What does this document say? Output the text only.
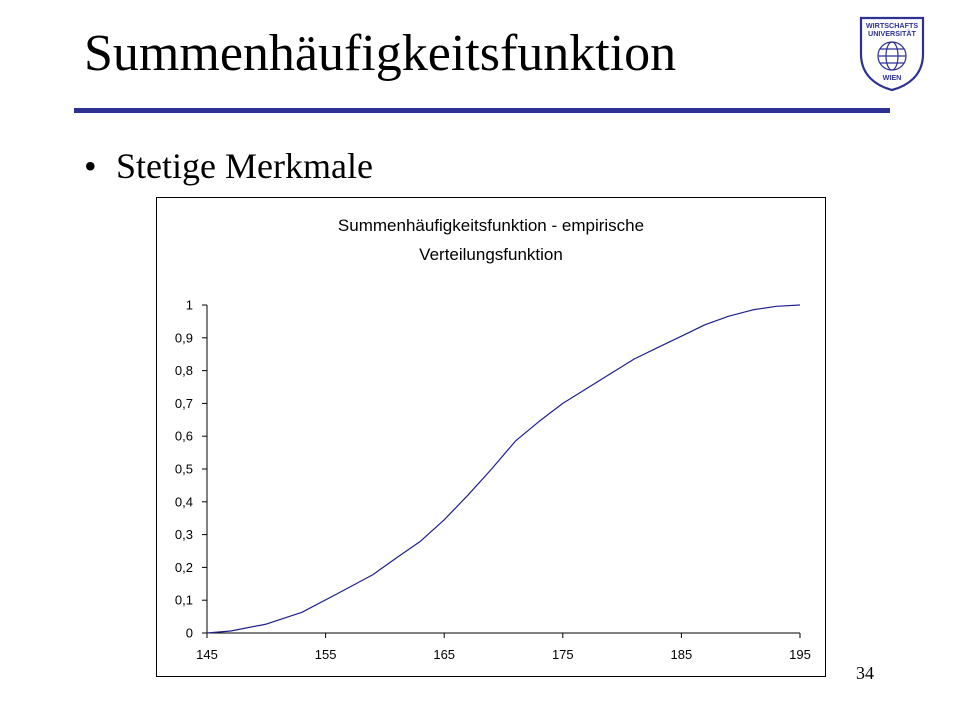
Summenhäufigkeitsfunktion	WIRTSCHAFTS
UNIVERSITÄT
WIEN
• Stetige Merkmale
Summenhäufigkeitsfunktion - empirische
Verteilungsfunktion
0
0,1
0,2
0,3
0,4
0,5
0,6
0,7
0,8
0,9
1
145	155	165	175	185	195
34
